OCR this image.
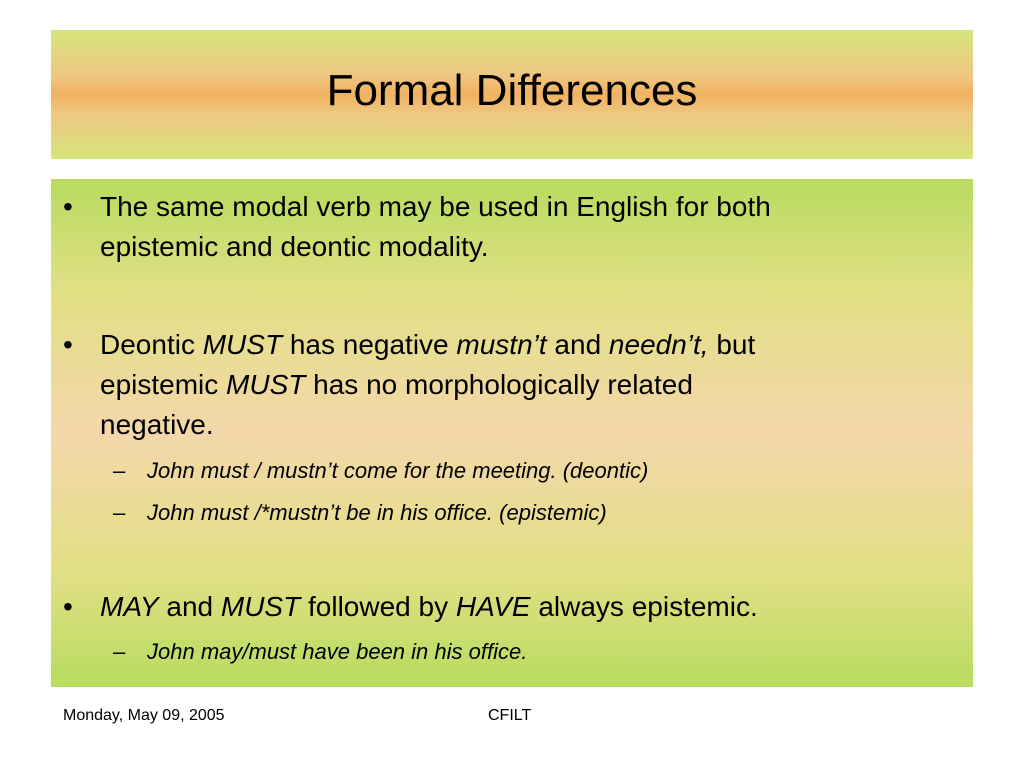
Formal Differences
• The same modal verb may be used in English for both
epistemic and deontic modality.
• Deontic MUST has negative mustn’t and needn’t, but
epistemic MUST has no morphologically related
negative.
– John must / mustn’t come for the meeting. (deontic)
– John must /*mustn’t be in his office. (epistemic)
• MAY and MUST followed by HAVE always epistemic.
– John may/must have been in his office.
Monday, May 09, 2005	CFILT
